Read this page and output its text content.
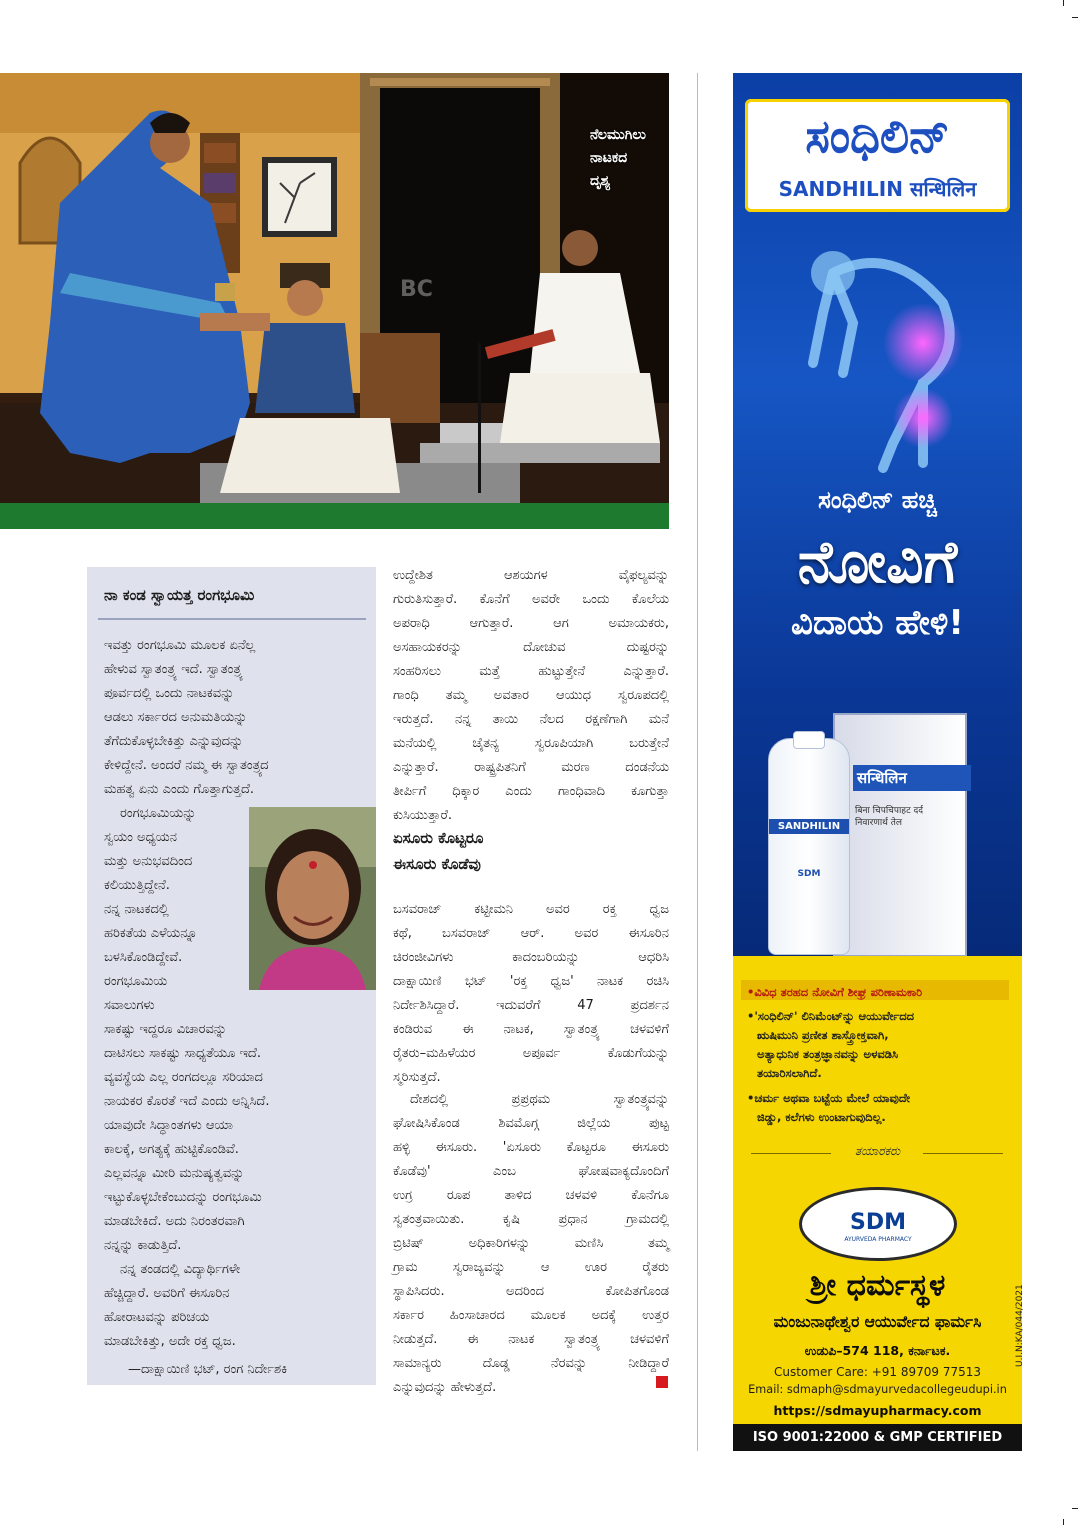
BC
ನೆಲಮುಗಿಲು
ನಾಟಕದ
ದೃಶ್ಯ
ನಾ ಕಂಡ ಸ್ವಾಯತ್ತ ರಂಗಭೂಮಿ
ಇವತ್ತು ರಂಗಭೂಮಿ ಮೂಲಕ ಏನೆಲ್ಲ
ಹೇಳುವ ಸ್ವಾತಂತ್ರ್ಯ ಇದೆ. ಸ್ವಾತಂತ್ರ್ಯ
ಪೂರ್ವದಲ್ಲಿ ಒಂದು ನಾಟಕವನ್ನು
ಆಡಲು ಸರ್ಕಾರದ ಅನುಮತಿಯನ್ನು
ತೆಗೆದುಕೊಳ್ಳಬೇಕಿತ್ತು ಎನ್ನುವುದನ್ನು
ಕೇಳಿದ್ದೇನೆ. ಅಂದರೆ ನಮ್ಮ ಈ ಸ್ವಾತಂತ್ರ್ಯದ
ಮಹತ್ವ ಏನು ಎಂದು ಗೊತ್ತಾಗುತ್ತದೆ.
ರಂಗಭೂಮಿಯನ್ನು
ಸ್ವಯಂ ಅಧ್ಯಯನ
ಮತ್ತು ಅನುಭವದಿಂದ
ಕಲಿಯುತ್ತಿದ್ದೇನೆ.
ನನ್ನ ನಾಟಕದಲ್ಲಿ
ಹರಿಕತೆಯ ಎಳೆಯನ್ನೂ
ಬಳಸಿಕೊಂಡಿದ್ದೇವೆ.
ರಂಗಭೂಮಿಯ
ಸವಾಲುಗಳು
ಸಾಕಷ್ಟು ಇದ್ದರೂ ವಿಚಾರವನ್ನು
ದಾಟಿಸಲು ಸಾಕಷ್ಟು ಸಾಧ್ಯತೆಯೂ ಇದೆ.
ವ್ಯವಸ್ಥೆಯ ಎಲ್ಲ ರಂಗದಲ್ಲೂ ಸರಿಯಾದ
ನಾಯಕರ ಕೊರತೆ ಇದೆ ಎಂದು ಅನ್ನಿಸಿದೆ.
ಯಾವುದೇ ಸಿದ್ಧಾಂತಗಳು ಆಯಾ
ಕಾಲಕ್ಕೆ, ಅಗತ್ಯಕ್ಕೆ ಹುಟ್ಟಿಕೊಂಡಿವೆ.
ಎಲ್ಲವನ್ನೂ ಮೀರಿ ಮನುಷ್ಯತ್ವವನ್ನು
ಇಟ್ಟುಕೊಳ್ಳಬೇಕೆಂಬುದನ್ನು ರಂಗಭೂಮಿ
ಮಾಡಬೇಕಿದೆ. ಅದು ನಿರಂತರವಾಗಿ
ನನ್ನನ್ನು ಕಾಡುತ್ತಿದೆ.
ನನ್ನ ತಂಡದಲ್ಲಿ ವಿದ್ಯಾರ್ಥಿಗಳೇ
ಹೆಚ್ಚಿದ್ದಾರೆ. ಅವರಿಗೆ ಈಸೂರಿನ
ಹೋರಾಟವನ್ನು ಪರಿಚಯ
ಮಾಡಬೇಕಿತ್ತು, ಅದೇ ರಕ್ತ ಧ್ವಜ.
—ದಾಕ್ಷಾಯಿಣಿ ಭಟ್, ರಂಗ ನಿರ್ದೇಶಕಿ
ಉದ್ದೇಶಿತ ಆಶಯಗಳ ವೈಫಲ್ಯವನ್ನು
ಗುರುತಿಸುತ್ತಾರೆ. ಕೊನೆಗೆ ಅವರೇ ಒಂದು ಕೊಲೆಯ
ಅಪರಾಧಿ ಆಗುತ್ತಾರೆ. ಆಗ ಅಮಾಯಕರು,
ಅಸಹಾಯಕರನ್ನು ದೋಚುವ ದುಷ್ಟರನ್ನು
ಸಂಹರಿಸಲು ಮತ್ತೆ ಹುಟ್ಟುತ್ತೇನೆ ಎನ್ನುತ್ತಾರೆ.
ಗಾಂಧಿ ತಮ್ಮ ಅವತಾರ ಆಯುಧ ಸ್ವರೂಪದಲ್ಲಿ
ಇರುತ್ತದೆ. ನನ್ನ ತಾಯಿ ನೆಲದ ರಕ್ಷಣೆಗಾಗಿ ಮನೆ
ಮನೆಯಲ್ಲಿ ಚೈತನ್ಯ ಸ್ವರೂಪಿಯಾಗಿ ಬರುತ್ತೇನೆ
ಎನ್ನುತ್ತಾರೆ. ರಾಷ್ಟ್ರಪಿತನಿಗೆ ಮರಣ ದಂಡನೆಯ
ತೀರ್ಪಿಗೆ ಧಿಕ್ಕಾರ ಎಂದು ಗಾಂಧಿವಾದಿ ಕೂಗುತ್ತಾ
ಕುಸಿಯುತ್ತಾರೆ.
ಏಸೂರು ಕೊಟ್ಟರೂ
ಈಸೂರು ಕೊಡೆವು
ಬಸವರಾಜ್ ಕಟ್ಟೀಮನಿ ಅವರ ರಕ್ತ ಧ್ವಜ
ಕಥೆ, ಬಸವರಾಜ್ ಆರ್. ಅವರ ಈಸೂರಿನ
ಚಿರಂಜೀವಿಗಳು ಕಾದಂಬರಿಯನ್ನು ಆಧರಿಸಿ
ದಾಕ್ಷಾಯಿಣಿ ಭಟ್ 'ರಕ್ತ ಧ್ವಜ' ನಾಟಕ ರಚಿಸಿ
ನಿರ್ದೇಶಿಸಿದ್ದಾರೆ. ಇದುವರೆಗೆ 47 ಪ್ರದರ್ಶನ
ಕಂಡಿರುವ ಈ ನಾಟಕ, ಸ್ವಾತಂತ್ರ್ಯ ಚಳವಳಿಗೆ
ರೈತರು–ಮಹಿಳೆಯರ ಅಪೂರ್ವ ಕೊಡುಗೆಯನ್ನು
ಸ್ಮರಿಸುತ್ತದೆ.
ದೇಶದಲ್ಲಿ ಪ್ರಪ್ರಥಮ ಸ್ವಾತಂತ್ರ್ಯವನ್ನು
ಘೋಷಿಸಿಕೊಂಡ ಶಿವಮೊಗ್ಗ ಜಿಲ್ಲೆಯ ಪುಟ್ಟ
ಹಳ್ಳಿ ಈಸೂರು. 'ಏಸೂರು ಕೊಟ್ಟರೂ ಈಸೂರು
ಕೊಡೆವು' ಎಂಬ ಘೋಷವಾಕ್ಯದೊಂದಿಗೆ
ಉಗ್ರ ರೂಪ ತಾಳಿದ ಚಳವಳಿ ಕೊನೆಗೂ
ಸ್ವತಂತ್ರವಾಯಿತು. ಕೃಷಿ ಪ್ರಧಾನ ಗ್ರಾಮದಲ್ಲಿ
ಬ್ರಿಟಿಷ್ ಅಧಿಕಾರಿಗಳನ್ನು ಮಣಿಸಿ ತಮ್ಮ
ಗ್ರಾಮ ಸ್ವರಾಜ್ಯವನ್ನು ಆ ಊರ ರೈತರು
ಸ್ಥಾಪಿಸಿದರು. ಅದರಿಂದ ಕೋಪಿತಗೊಂಡ
ಸರ್ಕಾರ ಹಿಂಸಾಚಾರದ ಮೂಲಕ ಅದಕ್ಕೆ ಉತ್ತರ
ನೀಡುತ್ತದೆ. ಈ ನಾಟಕ ಸ್ವಾತಂತ್ರ್ಯ ಚಳವಳಿಗೆ
ಸಾಮಾನ್ಯರು ದೊಡ್ಡ ನೆರವನ್ನು ನೀಡಿದ್ದಾರೆ
ಎನ್ನುವುದನ್ನು ಹೇಳುತ್ತದೆ.
ಸಂಧಿಲಿನ್
SANDHILIN सन्धिलिन
ಸಂಧಿಲಿನ್ ಹಚ್ಚಿ
ನೋವಿಗೆ
ವಿದಾಯ ಹೇಳಿ!
सन्धिलिन
बिना चिपचिपाहट दर्द निवारणार्थ तेल
SANDHILIN
SDM
•ವಿವಿಧ ತರಹದ ನೋವಿಗೆ ಶೀಘ್ರ ಪರಿಣಾಮಕಾರಿ
•'ಸಂಧಿಲಿನ್' ಲಿನಿಮೆಂಟ್‌ನ್ನು ಆಯುರ್ವೇದದ
ಋಷಿಮುನಿ ಪ್ರಣೀತ ಶಾಸ್ತ್ರೋಕ್ತವಾಗಿ,
ಅತ್ಯಾಧುನಿಕ ತಂತ್ರಜ್ಞಾನವನ್ನು ಅಳವಡಿಸಿ
ತಯಾರಿಸಲಾಗಿದೆ.
•ಚರ್ಮ ಅಥವಾ ಬಟ್ಟೆಯ ಮೇಲೆ ಯಾವುದೇ
ಜಿಡ್ಡು, ಕಲೆಗಳು ಉಂಟಾಗುವುದಿಲ್ಲ.
ತಯಾರಕರು
SDM
AYURVEDA PHARMACY
U.I.N:KA/044/2021
ಶ್ರೀ ಧರ್ಮಸ್ಥಳ
ಮಂಜುನಾಥೇಶ್ವರ ಆಯುರ್ವೇದ ಫಾರ್ಮಸಿ
ಉಡುಪಿ–574 118, ಕರ್ನಾಟಕ.
Customer Care: +91 89709 77513
Email: sdmaph@sdmayurvedacollegeudupi.in
https://sdmayupharmacy.com
ISO 9001:22000 & GMP CERTIFIED
